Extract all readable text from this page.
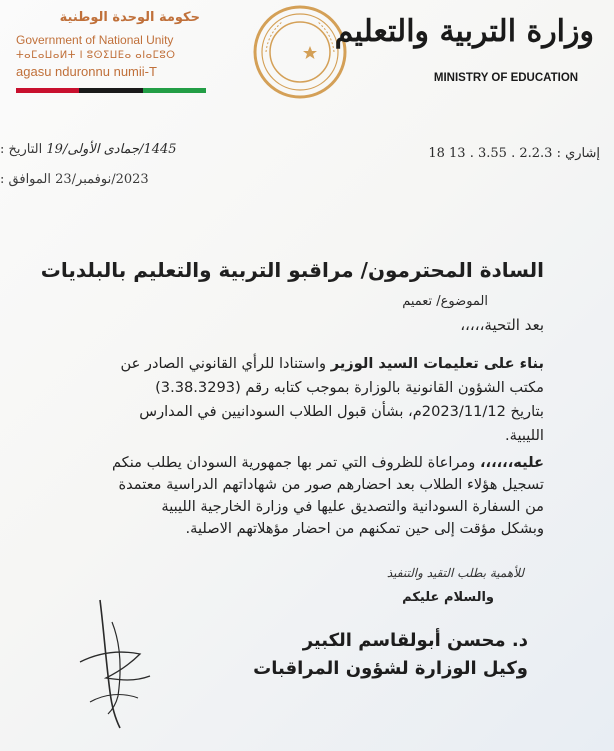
حكومة الوحدة الوطنية
Government of National Unity
ⵜⴰⵎⴰⵡⴰⵍⵜ ⵏ ⵓⵙⵉⵡⴹⴰ ⴰⵏⴰⵎⵓⵔ
agasu nduronnu numii-T
وزارة التربية والتعليم
MINISTRY OF EDUCATION
1445/جمادى الأولى/19 التاريخ :
2023/نوفمبر/23 الموافق :
إشاري : 2.2.3 . 3.55 . 13 18
السادة المحترمون/ مراقبو التربية والتعليم بالبلديات
الموضوع/ تعميم
بعد التحية،،،،،
بناء على تعليمات السيد الوزير واستنادا للرأي القانوني الصادر عن
مكتب الشؤون القانونية بالوزارة بموجب كتابه رقم (3.38.3293)
بتاريخ 2023/11/12م، بشأن قبول الطلاب السودانيين في المدارس
الليبية.
عليه،،،،،، ومراعاة للظروف التي تمر بها جمهورية السودان يطلب منكم
تسجيل هؤلاء الطلاب بعد احضارهم صور من شهاداتهم الدراسية معتمدة
من السفارة السودانية والتصديق عليها في وزارة الخارجية الليبية
وبشكل مؤقت إلى حين تمكنهم من احضار مؤهلاتهم الاصلية.
للأهمية بطلب التقيد والتنفيذ
والسلام عليكم
د. محسن أبولقاسم الكبير
وكيل الوزارة لشؤون المراقبات
